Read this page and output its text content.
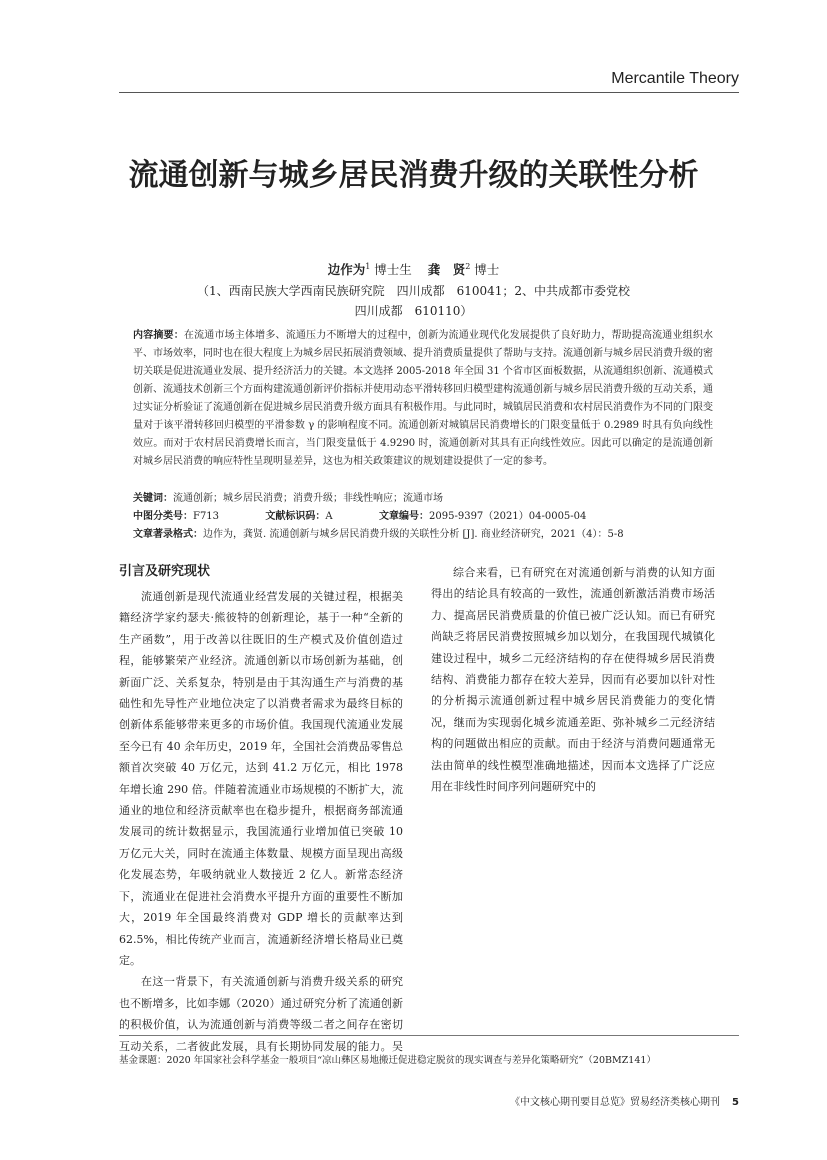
Mercantile Theory
流通创新与城乡居民消费升级的关联性分析
边作为$^1$ 博士生 龚　贤$^2$ 博士
（1、西南民族大学西南民族研究院　四川成都　610041；2、中共成都市委党校
四川成都　610110）
内容摘要：在流通市场主体增多、流通压力不断增大的过程中，创新为流通业现代化发展提供了良好助力，帮助提高流通业组织水平、市场效率，同时也在很大程度上为城乡居民拓展消费领域、提升消费质量提供了帮助与支持。流通创新与城乡居民消费升级的密切关联是促进流通业发展、提升经济活力的关键。本文选择 2005-2018 年全国 31 个省市区面板数据，从流通组织创新、流通模式创新、流通技术创新三个方面构建流通创新评价指标并使用动态平滑转移回归模型建构流通创新与城乡居民消费升级的互动关系，通过实证分析验证了流通创新在促进城乡居民消费升级方面具有积极作用。与此同时，城镇居民消费和农村居民消费作为不同的门限变量对于该平滑转移回归模型的平滑参数 γ 的影响程度不同。流通创新对城镇居民消费增长的门限变量低于 0.2989 时具有负向线性效应。而对于农村居民消费增长而言，当门限变量低于 4.9290 时，流通创新对其具有正向线性效应。因此可以确定的是流通创新对城乡居民消费的响应特性呈现明显差异，这也为相关政策建议的规划建设提供了一定的参考。
关键词：流通创新；城乡居民消费；消费升级；非线性响应；流通市场
中图分类号：F713	文献标识码：A	文章编号：2095-9397（2021）04-0005-04
文章著录格式：边作为，龚贤. 流通创新与城乡居民消费升级的关联性分析 [J]. 商业经济研究，2021（4）：5-8
引言及研究现状

流通创新是现代流通业经营发展的关键过程，根据美籍经济学家约瑟夫·熊彼特的创新理论，基于一种“全新的生产函数”，用于改善以往既旧的生产模式及价值创造过程，能够繁荣产业经济。流通创新以市场创新为基础，创新面广泛、关系复杂，特别是由于其沟通生产与消费的基础性和先导性产业地位决定了以消费者需求为最终目标的创新体系能够带来更多的市场价值。我国现代流通业发展至今已有 40 余年历史，2019 年，全国社会消费品零售总额首次突破 40 万亿元，达到 41.2 万亿元，相比 1978 年增长逾 290 倍。伴随着流通业市场规模的不断扩大，流通业的地位和经济贡献率也在稳步提升，根据商务部流通发展司的统计数据显示，我国流通行业增加值已突破 10 万亿元大关，同时在流通主体数量、规模方面呈现出高级化发展态势，年吸纳就业人数接近 2 亿人。新常态经济下，流通业在促进社会消费水平提升方面的重要性不断加大，2019 年全国最终消费对 GDP 增长的贡献率达到 62.5%，相比传统产业而言，流通新经济增长格局业已奠定。

在这一背景下，有关流通创新与消费升级关系的研究也不断增多，比如李娜（2020）通过研究分析了流通创新的积极价值，认为流通创新与消费等级二者之间存在密切互动关系，二者彼此发展，具有长期协同发展的能力。吴

综合来看，已有研究在对流通创新与消费的认知方面得出的结论具有较高的一致性，流通创新激活消费市场活力、提高居民消费质量的价值已被广泛认知。而已有研究尚缺乏将居民消费按照城乡加以划分，在我国现代城镇化建设过程中，城乡二元经济结构的存在使得城乡居民消费结构、消费能力都存在较大差异，因而有必要加以针对性的分析揭示流通创新过程中城乡居民消费能力的变化情况，继而为实现弱化城乡流通差距、弥补城乡二元经济结构的问题做出相应的贡献。而由于经济与消费问题通常无法由简单的线性模型准确地描述，因而本文选择了广泛应用在非线性时间序列问题研究中的

基金课题：2020 年国家社会科学基金一般项目“凉山彝区易地搬迁促进稳定脱贫的现实调查与差异化策略研究”（20BMZ141）
《中文核心期刊要目总览》贸易经济类核心期刊 5
